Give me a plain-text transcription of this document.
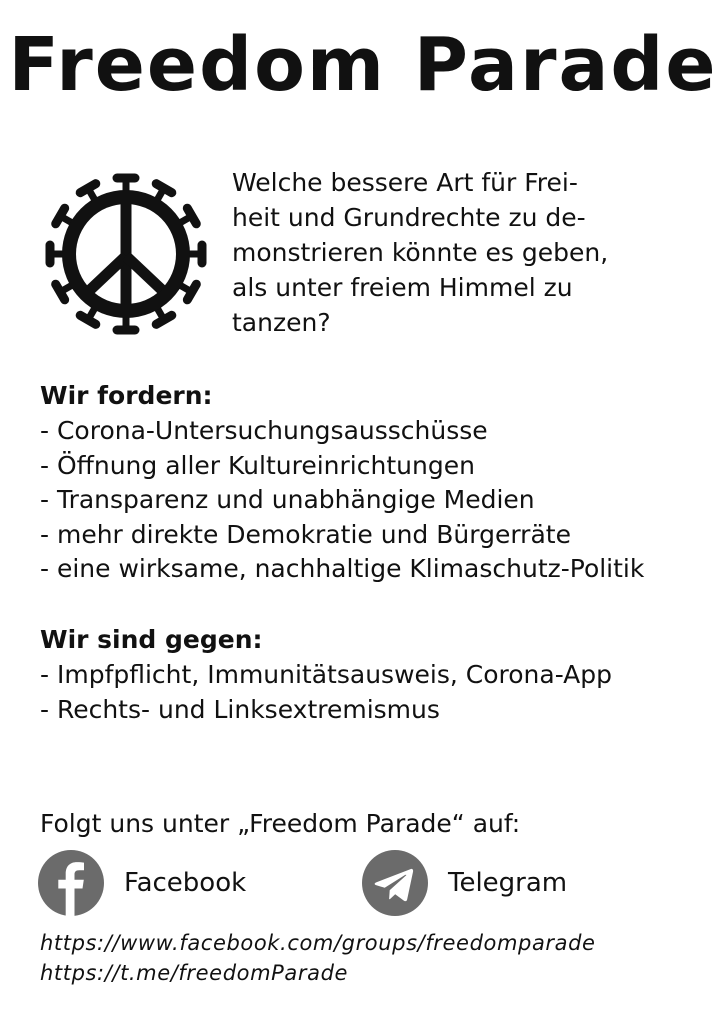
Freedom Parade

Welche bessere Art für Frei-
heit und Grundrechte zu de-
monstrieren könnte es geben,
als unter freiem Himmel zu
tanzen?

Wir fordern:
- Corona-Untersuchungsausschüsse
- Öffnung aller Kultureinrichtungen
- Transparenz und unabhängige Medien
- mehr direkte Demokratie und Bürgerräte
- eine wirksame, nachhaltige Klimaschutz-Politik
Wir sind gegen:
- Impfpflicht, Immunitätsausweis, Corona-App
- Rechts- und Linksextremismus

Folgt uns unter „Freedom Parade“ auf:

Facebook	Telegram

https://www.facebook.com/groups/freedomparade
https://t.me/freedomParade
